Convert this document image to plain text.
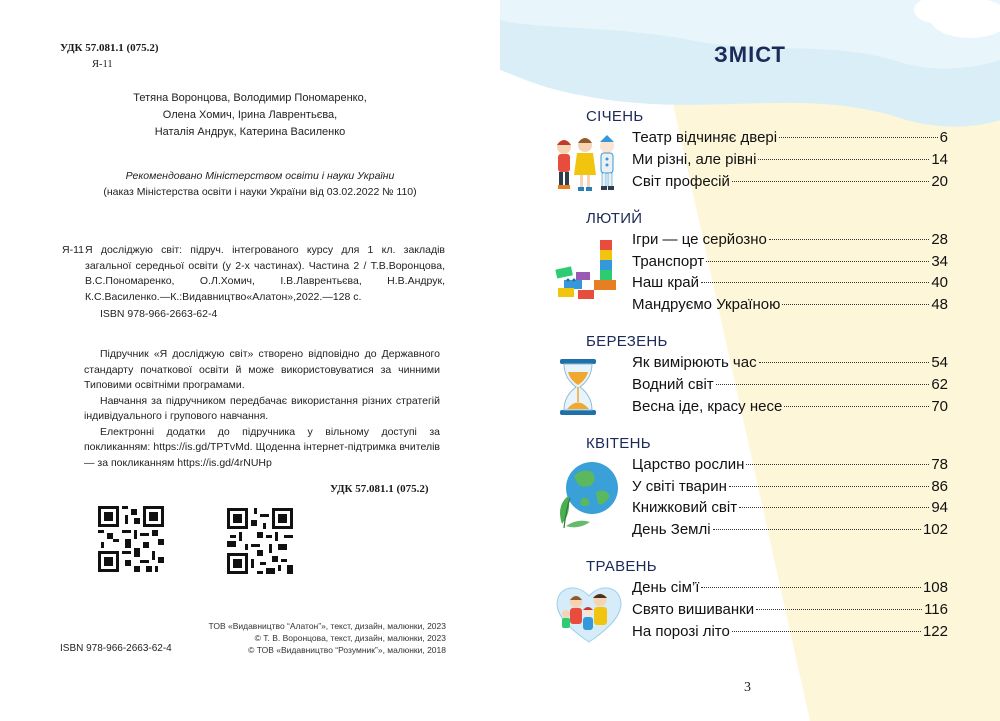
УДК 57.081.1 (075.2)
Я-11
Тетяна Воронцова, Володимир Пономаренко,
Олена Хомич, Ірина Лаврентьєва,
Наталія Андрук, Катерина Василенко
Рекомендовано Міністерством освіти і науки України
(наказ Міністерства освіти і науки України від 03.02.2022 № 110)
Я-11 Я досліджую світ: підруч. інтегрованого курсу для 1 кл. закладів загальної середньої освіти (у 2-х частинах). Частина 2 / Т.В.Воронцова, В.С.Пономаренко, О.Л.Хомич, І.В.Лаврентьєва, Н.В.Андрук, К.С.Василенко.—К.:Видавництво«Алатон»,2022.—128 с.
ISBN 978-966-2663-62-4

Підручник «Я досліджую світ» створено відповідно до Державного стандарту початкової освіти й може використовуватися за чинними Типовими освітніми програмами.

Навчання за підручником передбачає використання різних стратегій індивідуального і групового навчання.

Електронні додатки до підручника у вільному доступі за покликанням: https://is.gd/TPTvMd. Щоденна інтернет-підтримка вчителів — за покликанням https://is.gd/4rNUHp

УДК 57.081.1 (075.2)
ТОВ «Видавництво “Алатон”», текст, дизайн, малюнки, 2023
© Т. В. Воронцова, текст, дизайн, малюнки, 2023
© ТОВ «Видавництво “Розумник”», малюнки, 2018
ISBN 978-966-2663-62-4
ЗМІСТ
СІЧЕНЬ
Театр відчиняє двері	6
Ми різні, але рівні	14
Світ професій	20
ЛЮТИЙ
Ігри — це серйозно	28
Транспорт	34
Наш край	40
Мандруємо Україною	48
БЕРЕЗЕНЬ
Як вимірюють час	54
Водний світ	62
Весна іде, красу несе	70
КВІТЕНЬ
Царство рослин	78
У світі тварин	86
Книжковий світ	94
День Землі	102
ТРАВЕНЬ
День сім’ї	108
Свято вишиванки	116
На порозі літо	122
3
